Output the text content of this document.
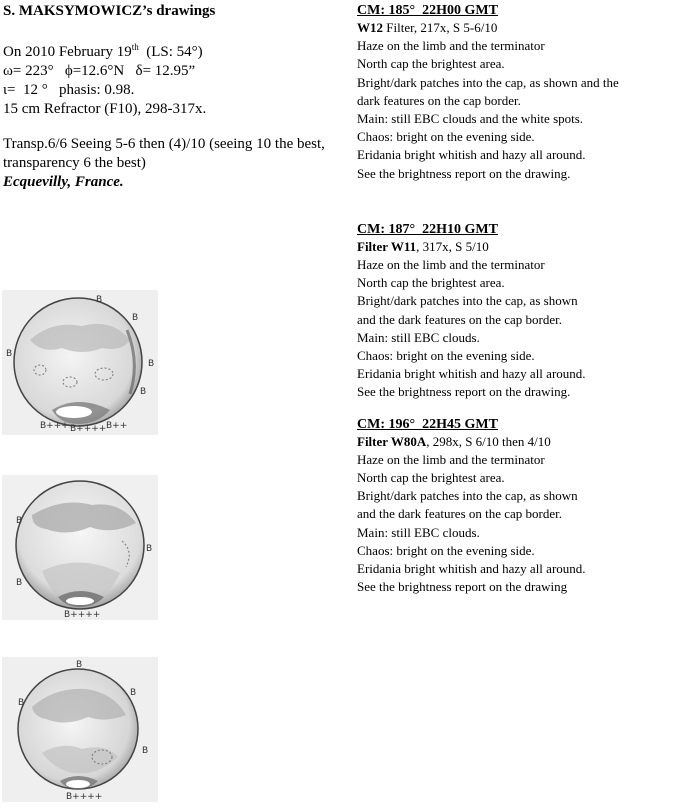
S. MAKSYMOWICZ’s drawings
On 2010 February 19th  (LS: 54°)
ω= 223°   ϕ=12.6°N   δ= 12.95”
ι=  12 °   phasis: 0.98.
15 cm Refractor (F10), 298-317x.
Transp.6/6 Seeing 5-6 then (4)/10 (seeing 10 the best, transparency 6 the best)
Ecquevilly, France.
CM: 185°  22H00 GMT
W12 Filter, 217x, S 5-6/10
Haze on the limb and the terminator
North cap the brightest area.
Bright/dark patches into the cap, as shown and the
dark features on the cap border.
Main: still EBC clouds and the white spots.
Chaos: bright on the evening side.
Eridania bright whitish and hazy all around.
See the brightness report on the drawing.
CM: 187°  22H10 GMT
Filter W11, 317x, S 5/10
Haze on the limb and the terminator
North cap the brightest area.
Bright/dark patches into the cap, as shown
and the dark features on the cap border.
Main: still EBC clouds.
Chaos: bright on the evening side.
Eridania bright whitish and hazy all around.
See the brightness report on the drawing.
CM: 196°  22H45 GMT
Filter W80A, 298x, S 6/10 then 4/10
Haze on the limb and the terminator
North cap the brightest area.
Bright/dark patches into the cap, as shown
and the dark features on the cap border.
Main: still EBC clouds.
Chaos: bright on the evening side.
Eridania bright whitish and hazy all around.
See the brightness report on the drawing
B
B
B
B
B
B+++ B++++ B++
B
B
B
B++++
B
B
B
B
B++++
